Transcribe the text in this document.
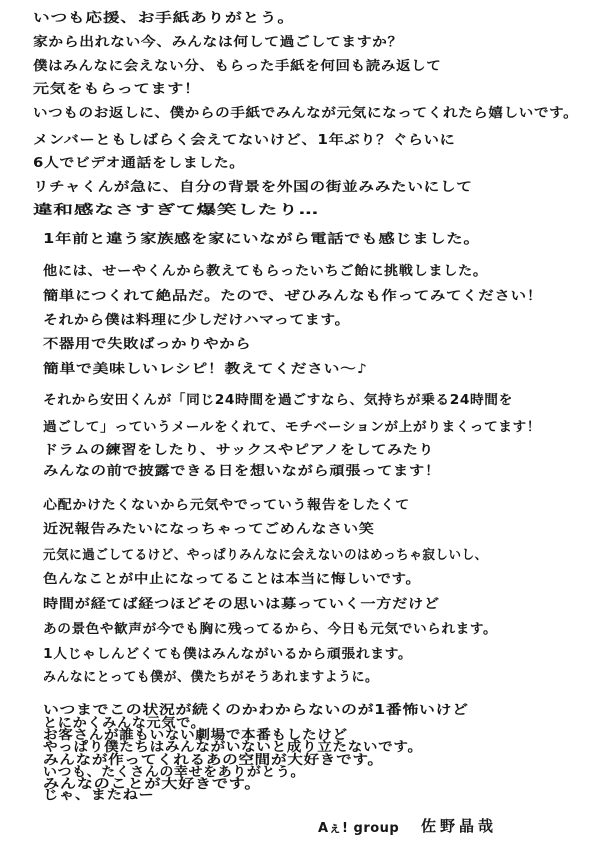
いつも応援、お手紙ありがとう。
家から出れない今、みんなは何して過ごしてますか？
僕はみんなに会えない分、もらった手紙を何回も読み返して
元気をもらってます！
いつものお返しに、僕からの手紙でみんなが元気になってくれたら嬉しいです。
メンバーともしばらく会えてないけど、1年ぶり？ぐらいに
6人でビデオ通話をしました。
リチャくんが急に、自分の背景を外国の街並みみたいにして
違和感なさすぎて爆笑したり…
1年前と違う家族感を家にいながら電話でも感じました。
他には、せーやくんから教えてもらったいちご飴に挑戦しました。
簡単につくれて絶品だ。たので、ぜひみんなも作ってみてください！
それから僕は料理に少しだけハマってます。
不器用で失敗ばっかりやから
簡単で美味しいレシピ！教えてください～♪
それから安田くんが「同じ24時間を過ごすなら、気持ちが乗る24時間を
過ごして」っていうメールをくれて、モチベーションが上がりまくってます！
ドラムの練習をしたり、サックスやピアノをしてみたり
みんなの前で披露できる日を想いながら頑張ってます！
心配かけたくないから元気やでっていう報告をしたくて
近況報告みたいになっちゃってごめんなさい笑
元気に過ごしてるけど、やっぱりみんなに会えないのはめっちゃ寂しいし、
色んなことが中止になってることは本当に悔しいです。
時間が経てば経つほどその思いは募っていく一方だけど
あの景色や歓声が今でも胸に残ってるから、今日も元気でいられます。
1人じゃしんどくても僕はみんながいるから頑張れます。
みんなにとっても僕が、僕たちがそうあれますように。
いつまでこの状況が続くのかわからないのが1番怖いけど
とにかくみんな元気で。
お客さんが誰もいない劇場で本番もしたけど
やっぱり僕たちはみんながいないと成り立たないです。
みんなが作ってくれるあの空間が大好きです。
いつも、たくさんの幸せをありがとう。
みんなのことが大好きです。
じゃ、またねー
Aぇ! group 佐野晶哉
